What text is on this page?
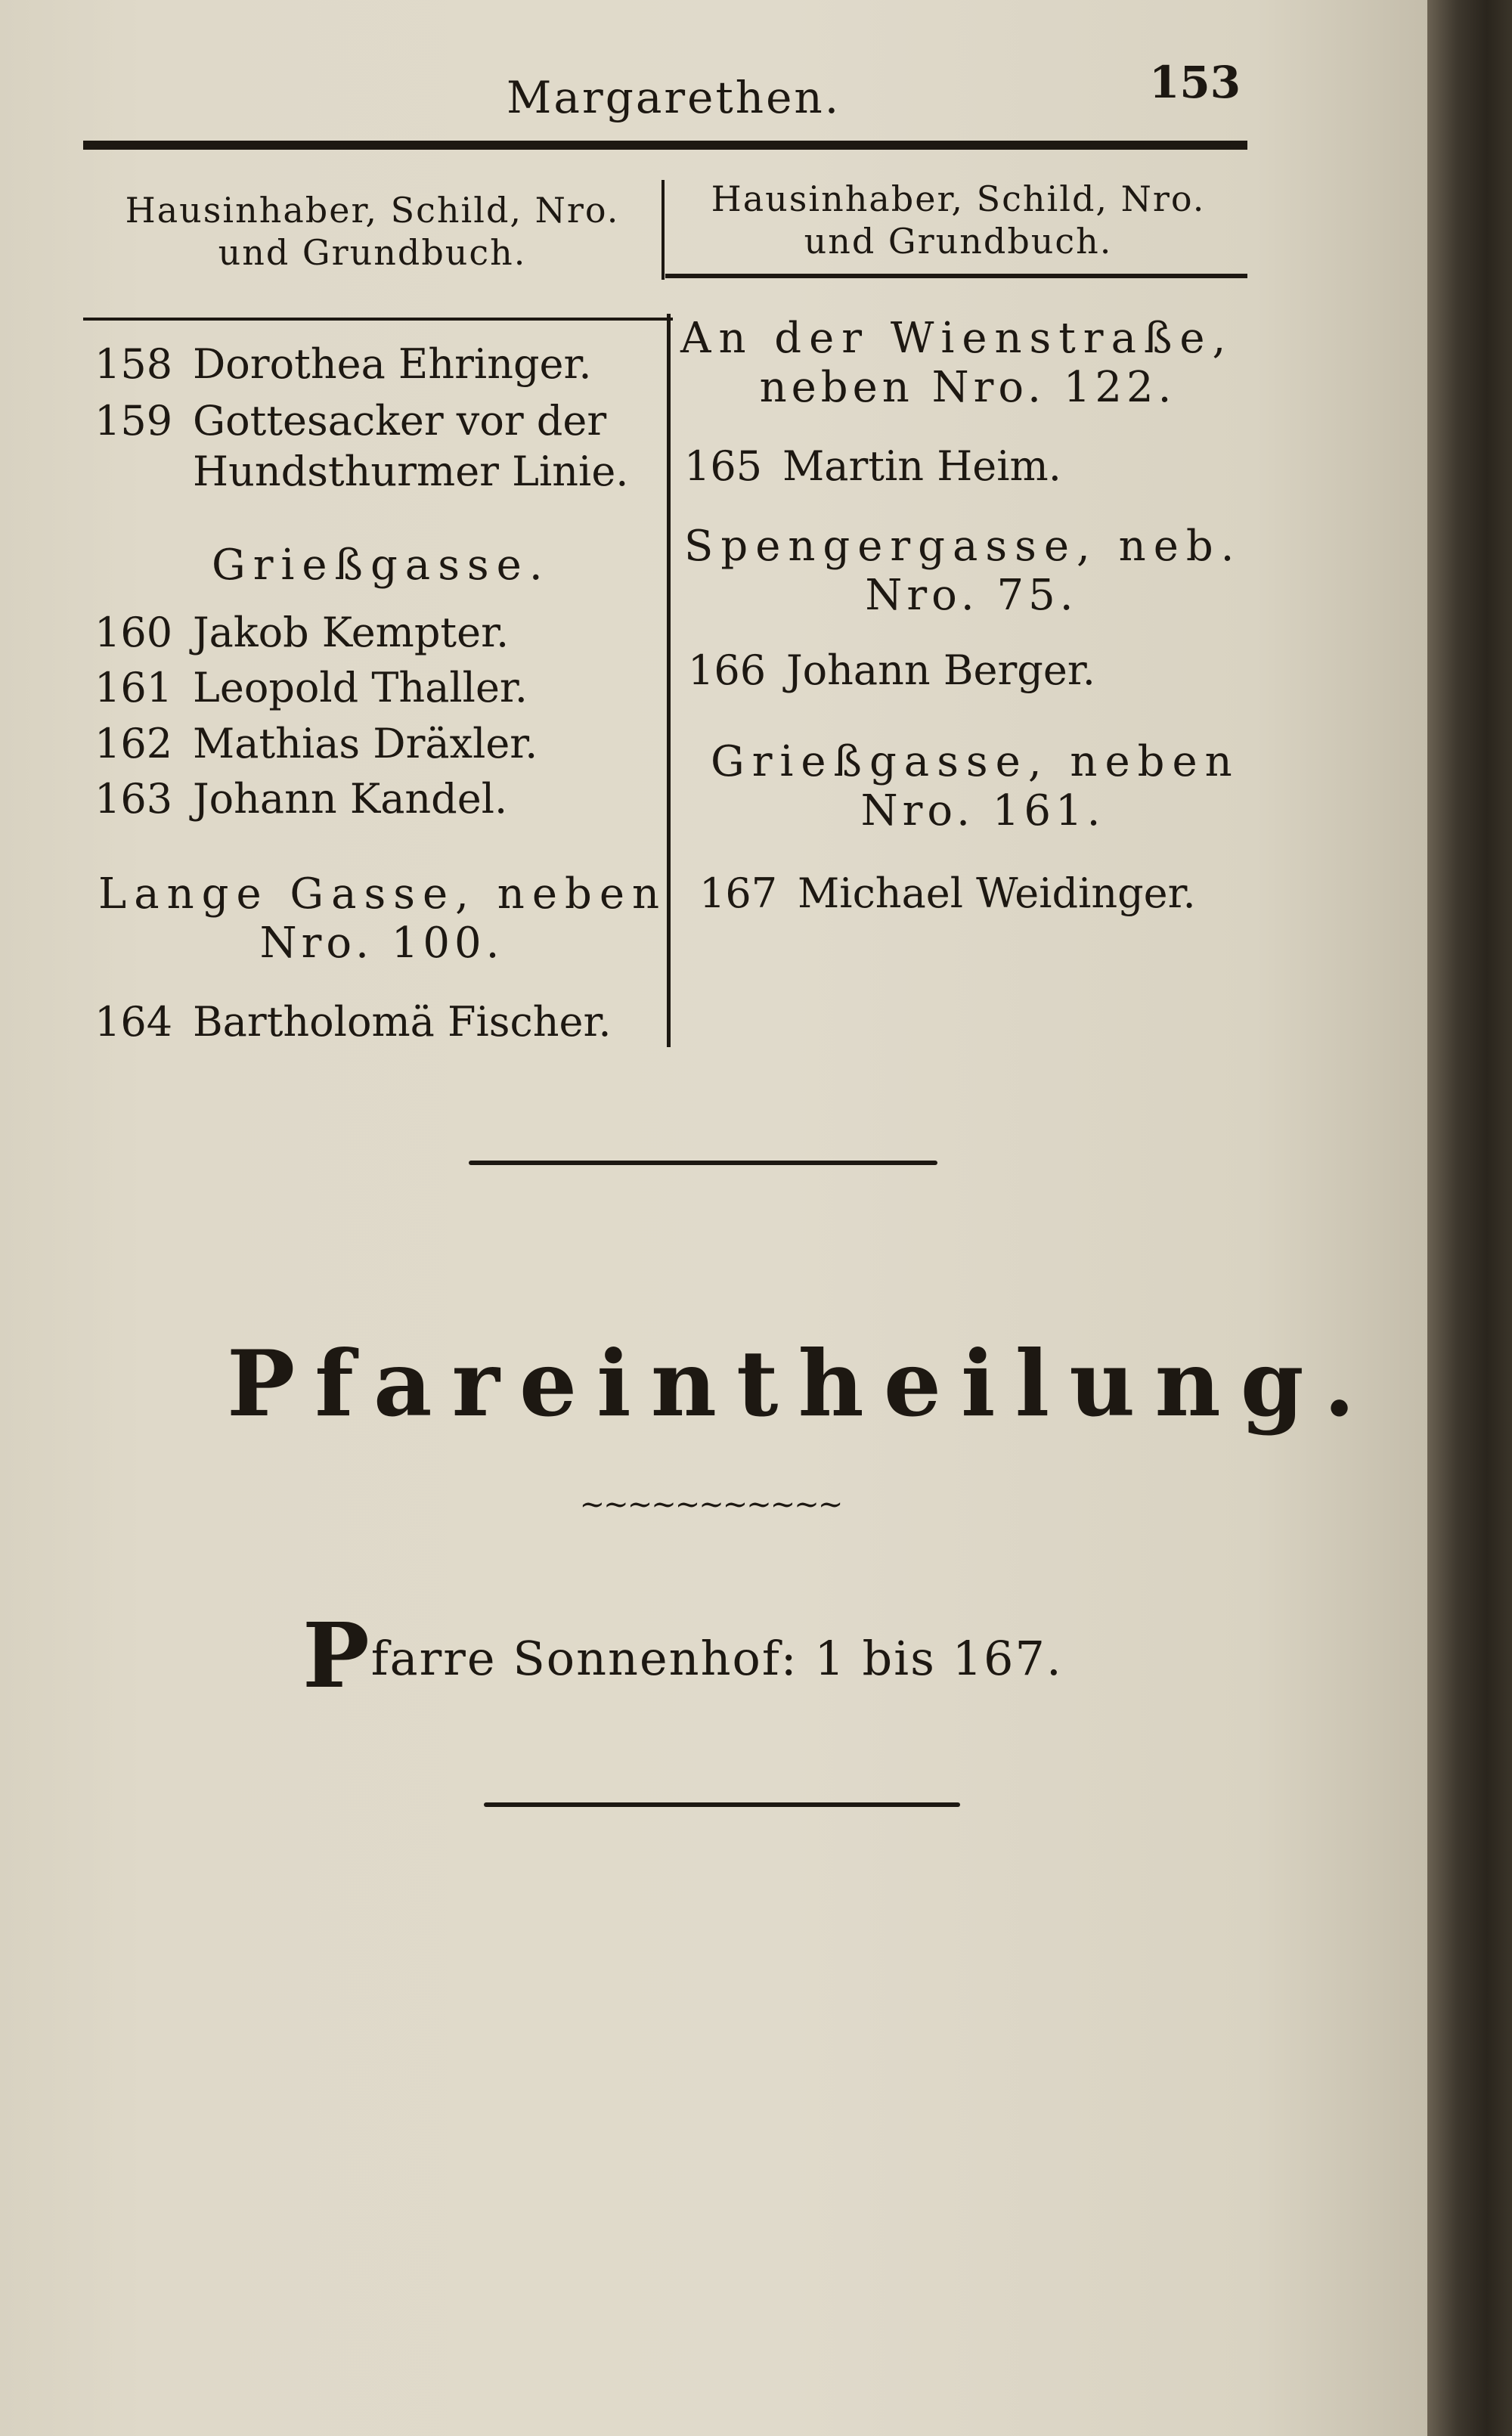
Margarethen.	153
Hausinhaber, Schild, Nro.
und Grundbuch.
Hausinhaber, Schild, Nro.
und Grundbuch.
158 Dorothea Ehringer.
159 Gottesacker vor der
Hundsthurmer Linie.
Grießgasse.
160 Jakob Kempter.
161 Leopold Thaller.
162 Mathias Dräxler.
163 Johann Kandel.
Lange Gasse, neben
Nro. 100.
164 Bartholomä Fischer.
An der Wienstraße,
neben Nro. 122.
165 Martin Heim.
Spengergasse, neb.
Nro. 75.
166 Johann Berger.
Grießgasse, neben
Nro. 161.
167 Michael Weidinger.
Pfareintheilung.
~~~~~~~~~~~
Pfarre Sonnenhof: 1 bis 167.
